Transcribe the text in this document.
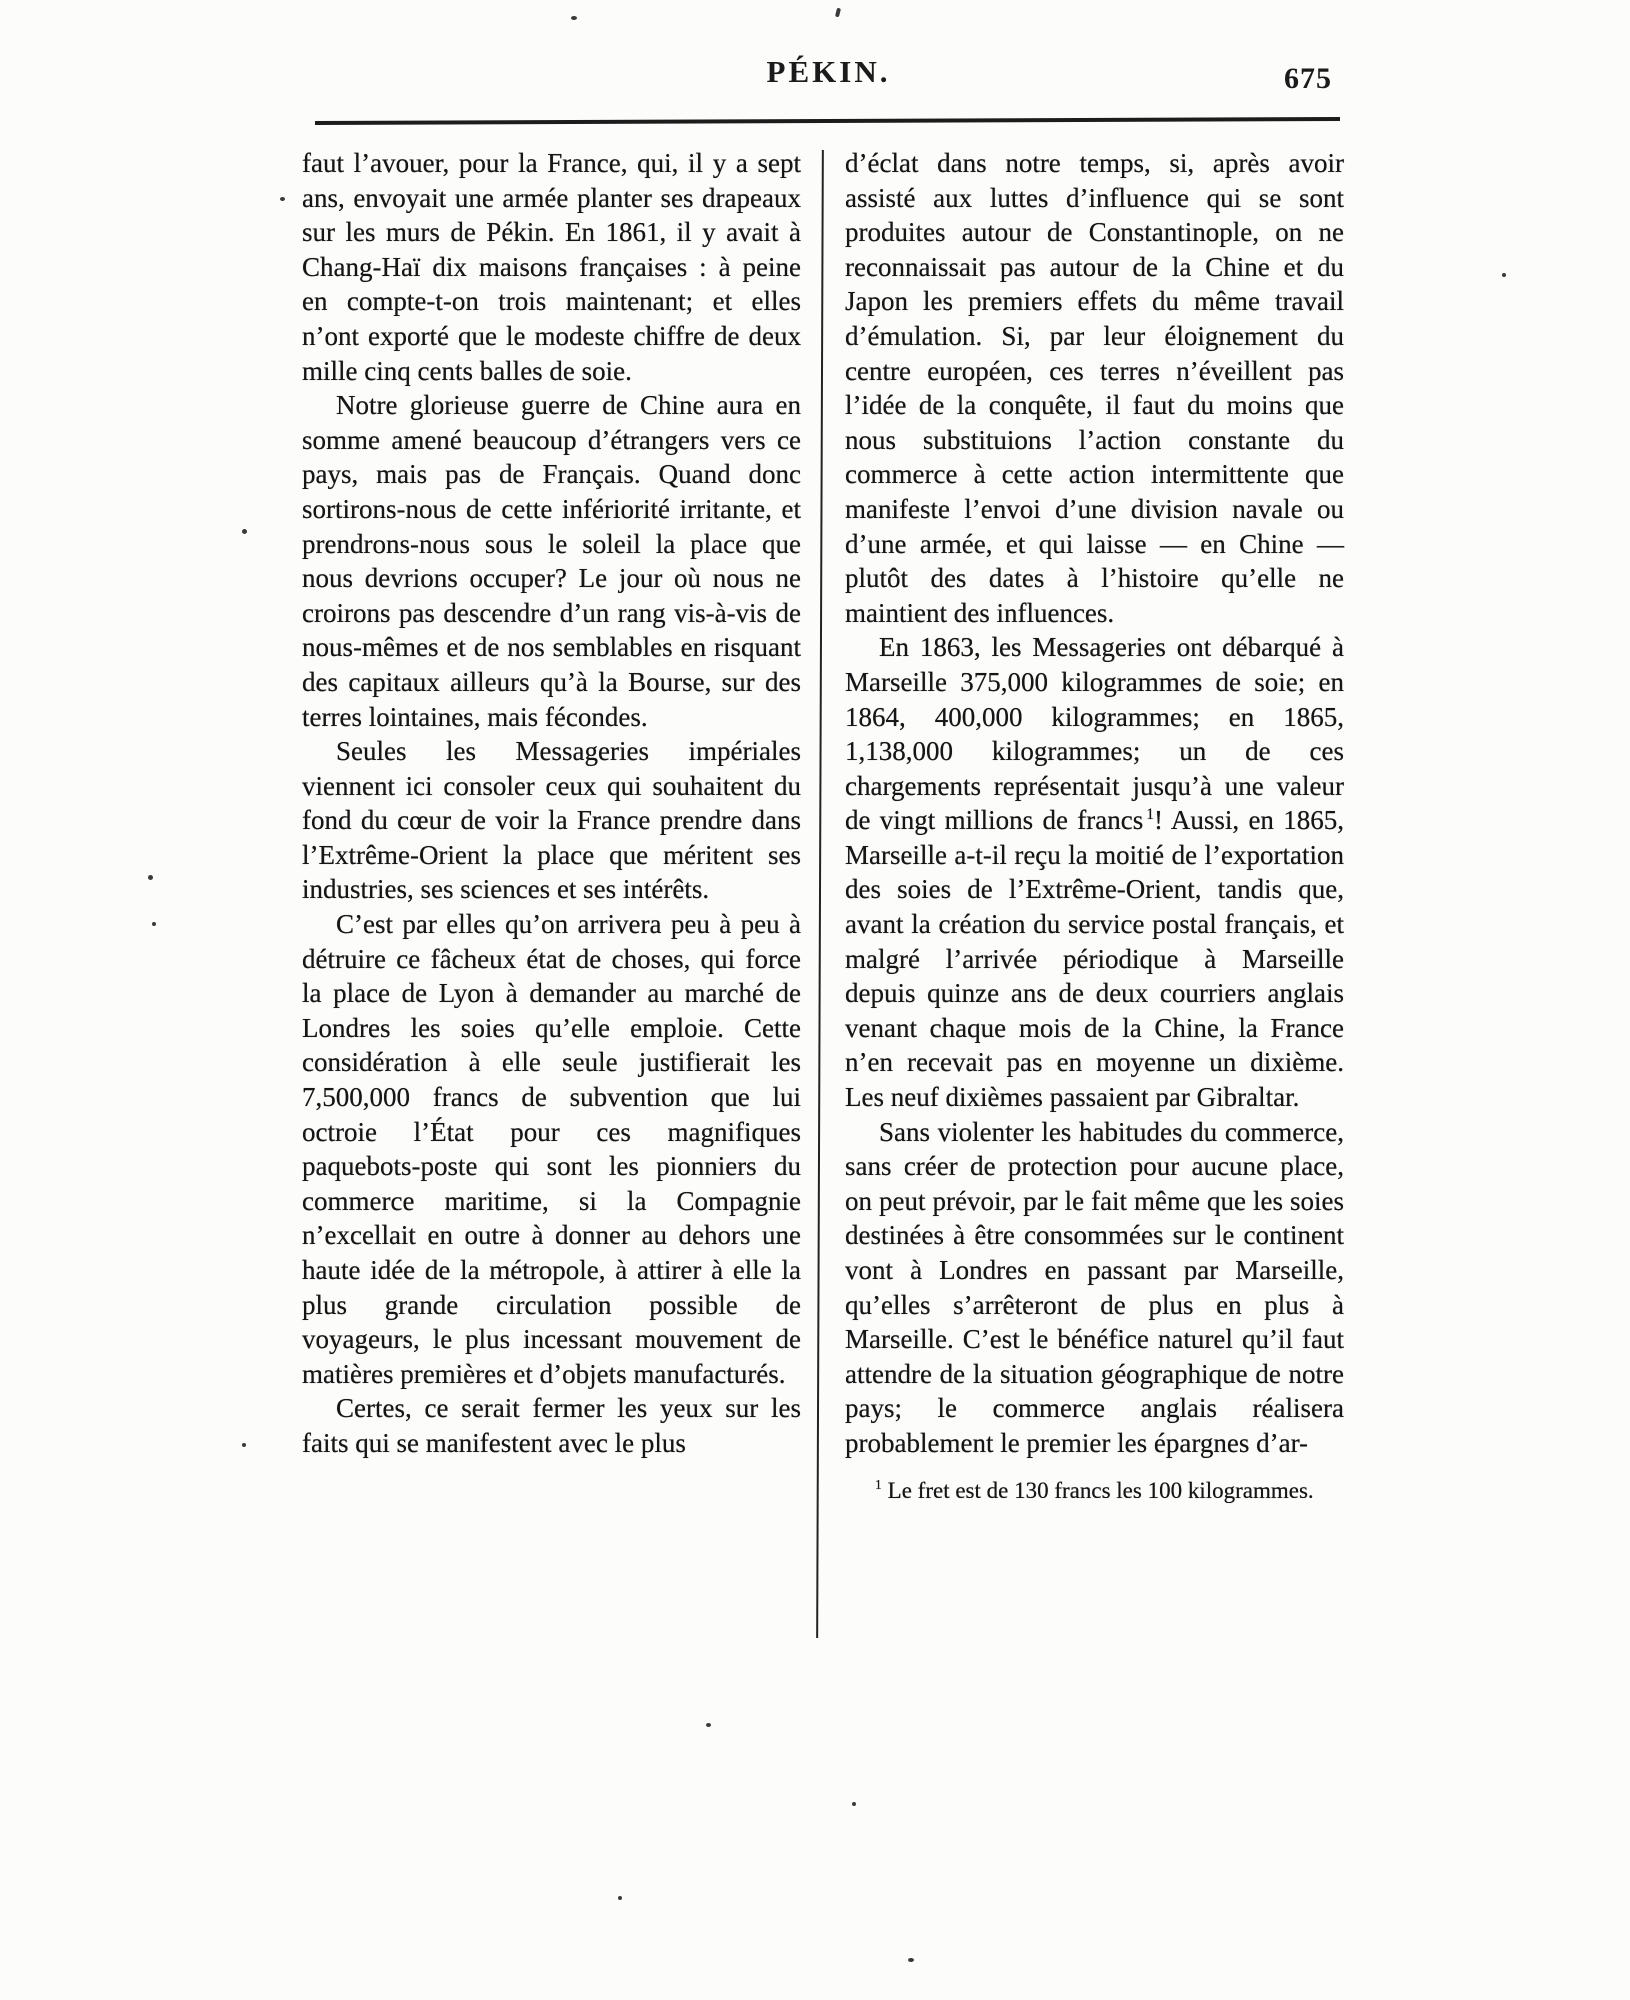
PÉKIN.	675

faut l’avouer, pour la France, qui, il y a sept ans, envoyait une armée planter ses drapeaux sur les murs de Pékin. En 1861, il y avait à Chang-Haï dix maisons françaises : à peine en compte-t-on trois maintenant; et elles n’ont exporté que le modeste chiffre de deux mille cinq cents balles de soie.

Notre glorieuse guerre de Chine aura en somme amené beaucoup d’étrangers vers ce pays, mais pas de Français. Quand donc sortirons-nous de cette infériorité irritante, et prendrons-nous sous le soleil la place que nous devrions occuper? Le jour où nous ne croirons pas descendre d’un rang vis-à-vis de nous-mêmes et de nos semblables en risquant des capitaux ailleurs qu’à la Bourse, sur des terres lointaines, mais fécondes.

Seules les Messageries impériales viennent ici consoler ceux qui souhaitent du fond du cœur de voir la France prendre dans l’Extrême-Orient la place que méritent ses industries, ses sciences et ses intérêts.

C’est par elles qu’on arrivera peu à peu à détruire ce fâcheux état de choses, qui force la place de Lyon à demander au marché de Londres les soies qu’elle emploie. Cette considération à elle seule justifierait les 7,500,000 francs de subvention que lui octroie l’État pour ces magnifiques paquebots-poste qui sont les pionniers du commerce maritime, si la Compagnie n’excellait en outre à donner au dehors une haute idée de la métropole, à attirer à elle la plus grande circulation possible de voyageurs, le plus incessant mouvement de matières premières et d’objets manufacturés.

Certes, ce serait fermer les yeux sur les faits qui se manifestent avec le plus

d’éclat dans notre temps, si, après avoir assisté aux luttes d’influence qui se sont produites autour de Constantinople, on ne reconnaissait pas autour de la Chine et du Japon les premiers effets du même travail d’émulation. Si, par leur éloignement du centre européen, ces terres n’éveillent pas l’idée de la conquête, il faut du moins que nous substituions l’action constante du commerce à cette action intermittente que manifeste l’envoi d’une division navale ou d’une armée, et qui laisse — en Chine — plutôt des dates à l’histoire qu’elle ne maintient des influences.

En 1863, les Messageries ont débarqué à Marseille 375,000 kilogrammes de soie; en 1864, 400,000 kilogrammes; en 1865, 1,138,000 kilogrammes; un de ces chargements représentait jusqu’à une valeur de vingt millions de francs $^1$! Aussi, en 1865, Marseille a-t-il reçu la moitié de l’exportation des soies de l’Extrême-Orient, tandis que, avant la création du service postal français, et malgré l’arrivée périodique à Marseille depuis quinze ans de deux courriers anglais venant chaque mois de la Chine, la France n’en recevait pas en moyenne un dixième. Les neuf dixièmes passaient par Gibraltar.

Sans violenter les habitudes du commerce, sans créer de protection pour aucune place, on peut prévoir, par le fait même que les soies destinées à être consommées sur le continent vont à Londres en passant par Marseille, qu’elles s’arrêteront de plus en plus à Marseille. C’est le bénéfice naturel qu’il faut attendre de la situation géographique de notre pays; le commerce anglais réalisera probablement le premier les épargnes d’ar-

$^1$ Le fret est de 130 francs les 100 kilogrammes.
